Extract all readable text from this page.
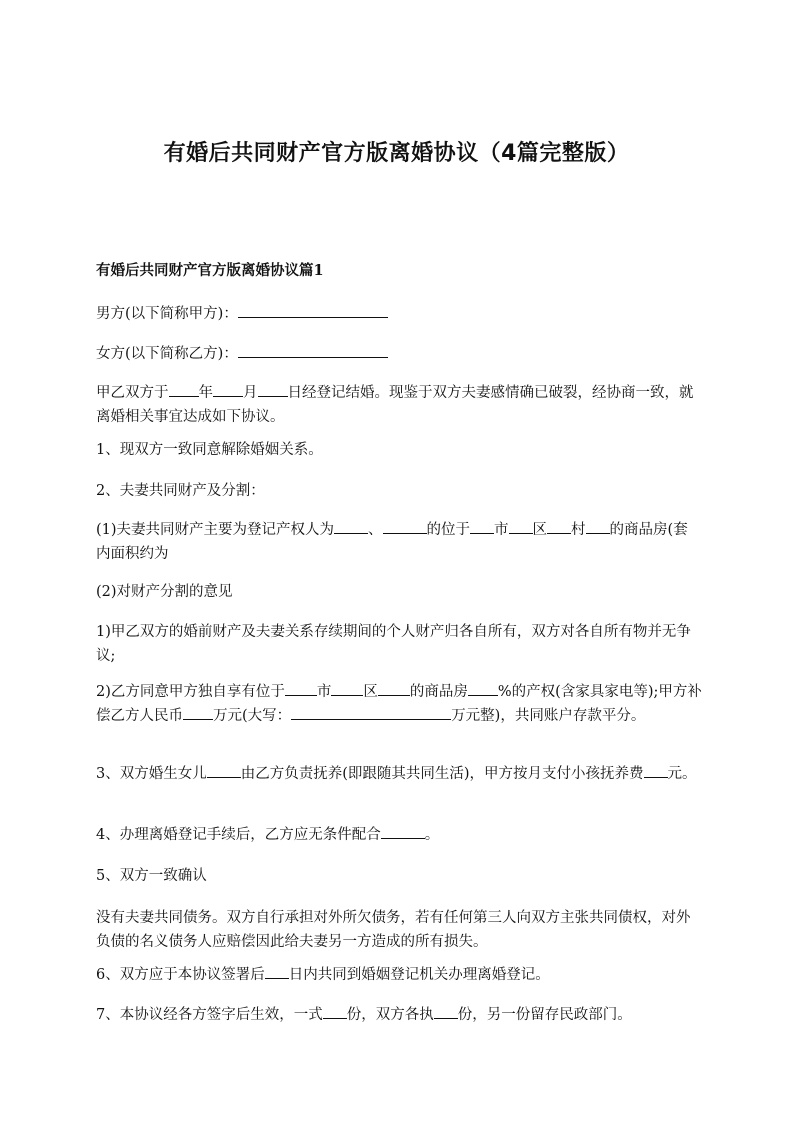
有婚后共同财产官方版离婚协议（4篇完整版）
有婚后共同财产官方版离婚协议篇1
男方(以下简称甲方)：
女方(以下简称乙方)：
甲乙双方于 年 月 日经登记结婚。现鉴于双方夫妻感情确已破裂，经协商一致，就离婚相关事宜达成如下协议。
1、现双方一致同意解除婚姻关系。
2、夫妻共同财产及分割：
(1)夫妻共同财产主要为登记产权人为 、	的位于 市 区 村 的商品房(套内面积约为
(2)对财产分割的意见
1)甲乙双方的婚前财产及夫妻关系存续期间的个人财产归各自所有，双方对各自所有物并无争议;
2)乙方同意甲方独自享有位于 市 区 的商品房 %的产权(含家具家电等);甲方补偿乙方人民币 万元(大写：	万元整)，共同账户存款平分。
3、双方婚生女儿 由乙方负责抚养(即跟随其共同生活)，甲方按月支付小孩抚养费 元。
4、办理离婚登记手续后，乙方应无条件配合	。
5、双方一致确认
没有夫妻共同债务。双方自行承担对外所欠债务，若有任何第三人向双方主张共同债权，对外负债的名义债务人应赔偿因此给夫妻另一方造成的所有损失。
6、双方应于本协议签署后 日内共同到婚姻登记机关办理离婚登记。
7、本协议经各方签字后生效，一式 份，双方各执 份，另一份留存民政部门。
